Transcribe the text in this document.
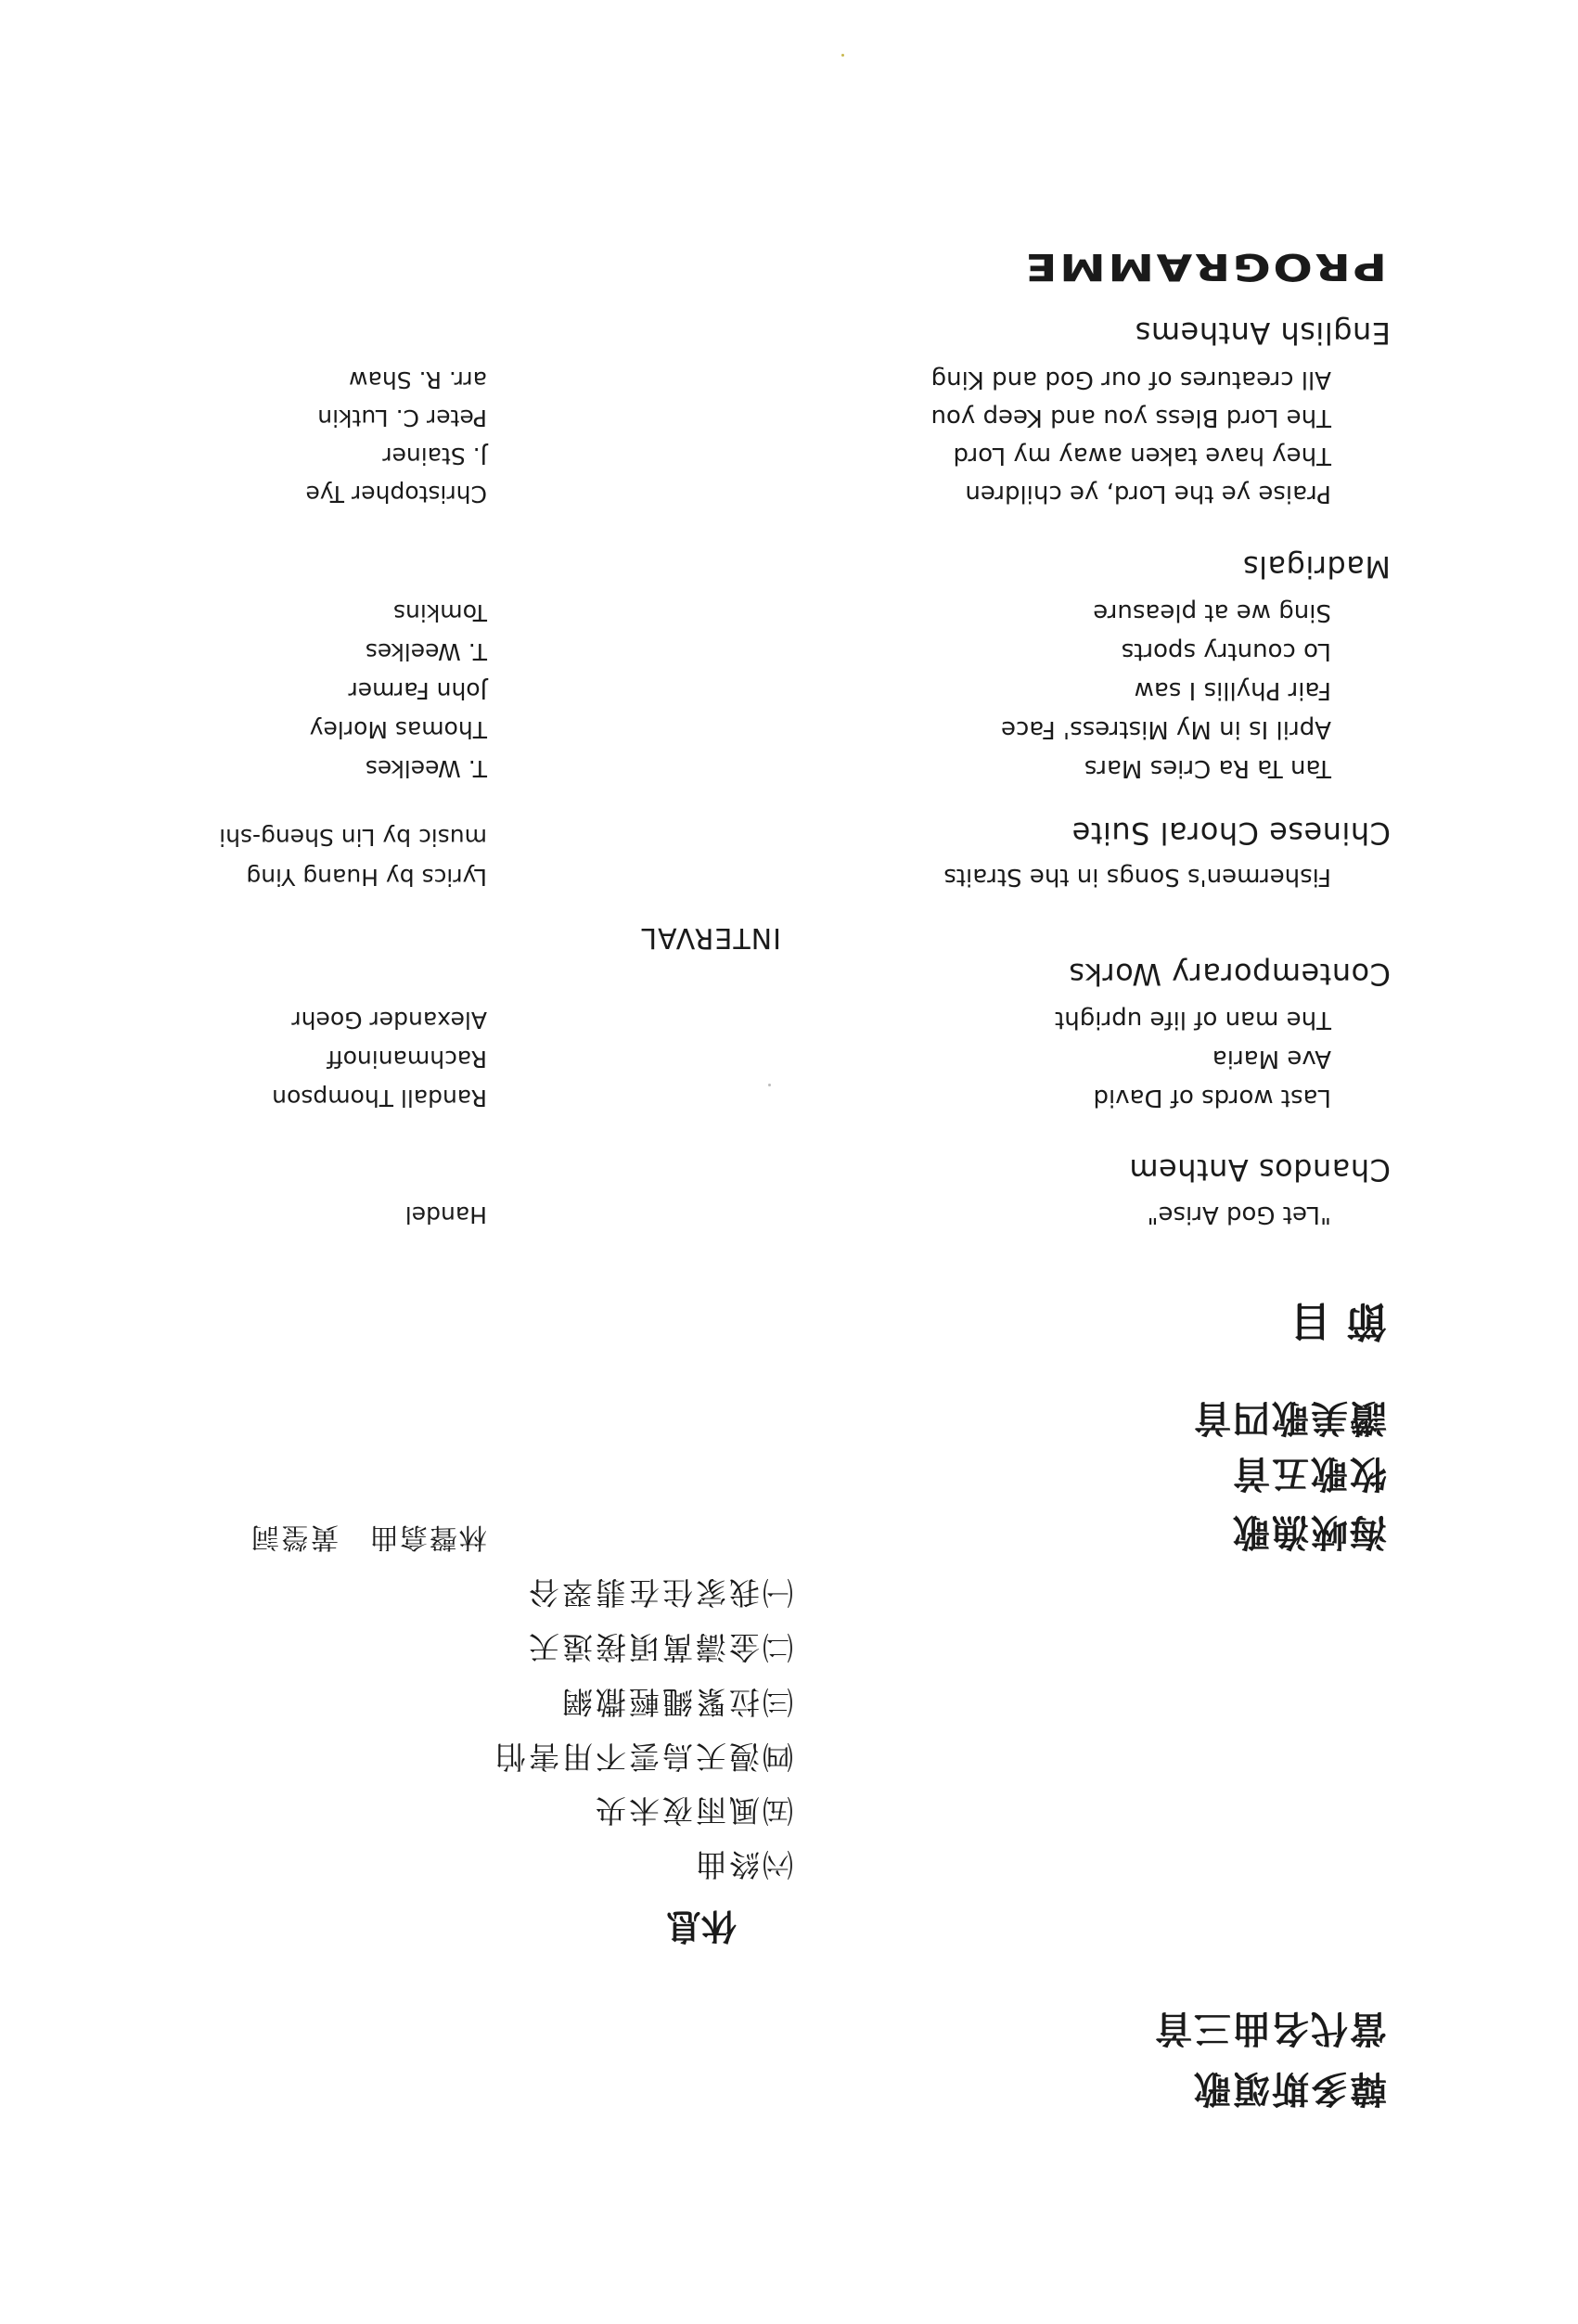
PROGRAMME
English Anthems
All creatures of our God and King
arr. R. Shaw
The Lord Bless you and Keep you
Peter C. Lutkin
They have taken away my Lord
J. Stainer
Praise ye the Lord, ye children
Christopher Tye
Madrigals
Sing we at pleasure
Tomkins
Lo country sports
T. Weelkes
Fair Phyllis I saw
John Farmer
April Is in My Mistress' Face
Thomas Morley
Tan Ta Ra Cries Mars
T. Weelkes
Chinese Choral Suite
music by Lin Sheng-shi
Fishermen's Songs in the Straits
Lyrics by Huang Ying
INTERVAL
Contemporary Works
The man of life upright
Alexander Goehr
Ave Maria
Rachmaninoff
Last words of David
Randall Thompson
Chandos Anthem
"Let God Arise"
Handel
節目
讚美歌四首
牧歌五首
海峽漁歌
林聲翕曲　黃瑩詞
㈠我家住在翡翠谷
㈡金濤萬頃接遠天
㈢拉緊繩輕撒網
㈣漫天烏雲不用害怕
㈤風雨夜未央
㈥終曲
休息
當代名曲三首
韓多斯頌歌
